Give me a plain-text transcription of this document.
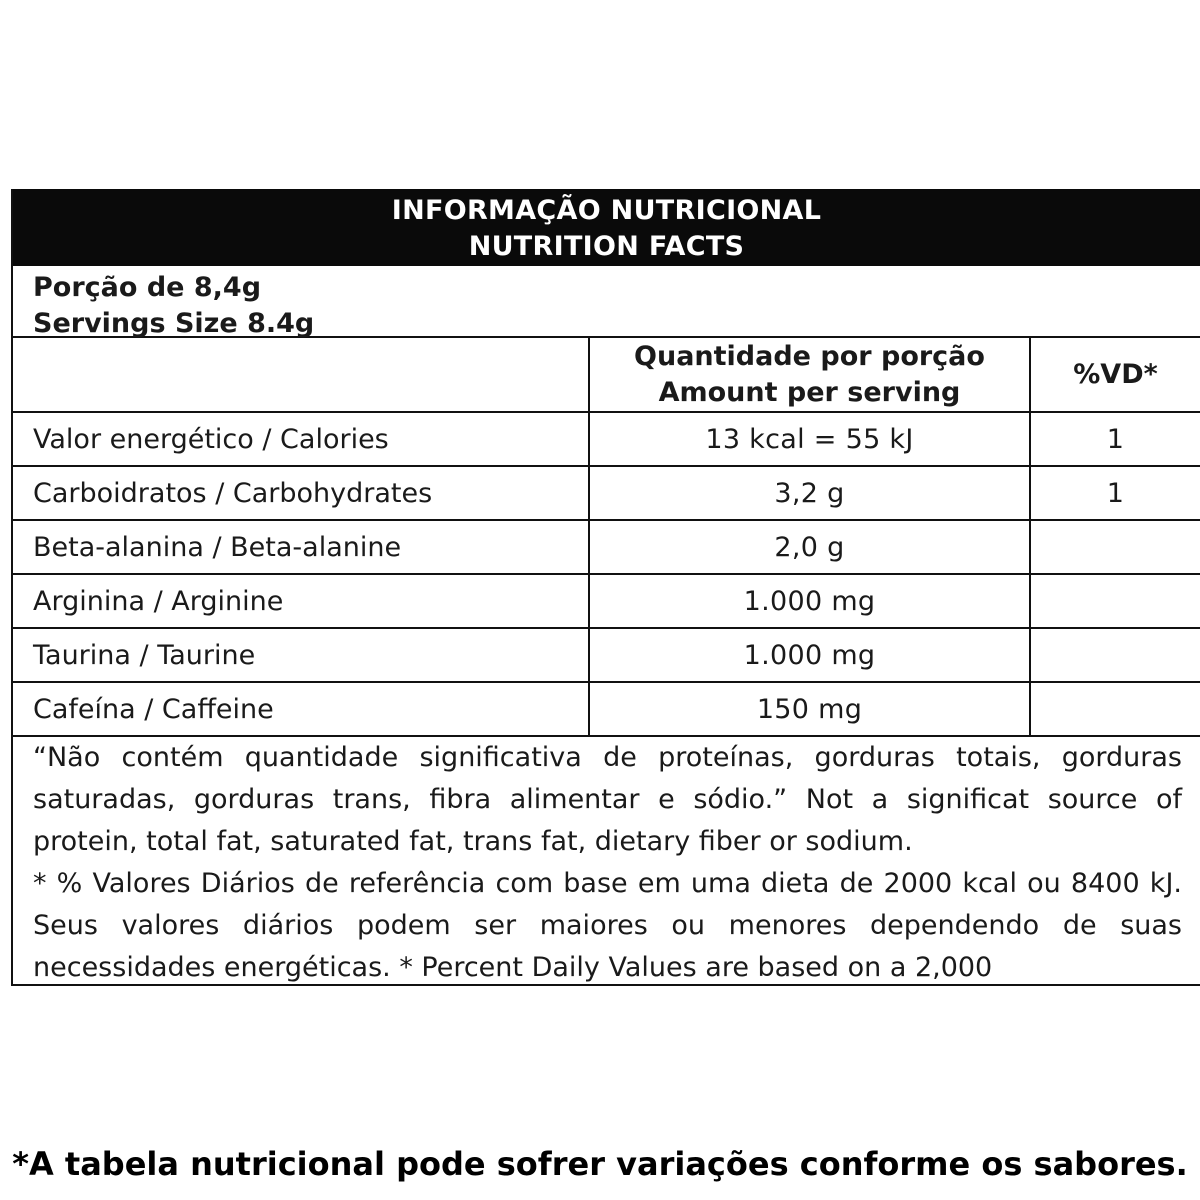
INFORMAÇÃO NUTRICIONAL
NUTRITION FACTS
Porção de 8,4g
Servings Size 8.4g

	Quantidade por porção
Amount per serving	%VD*
Valor energético / Calories	13 kcal = 55 kJ	1
Carboidratos / Carbohydrates	3,2 g	1
Beta-alanina / Beta-alanine	2,0 g	
Arginina / Arginine	1.000 mg	
Taurina / Taurine	1.000 mg	
Cafeína / Caffeine	150 mg	

“Não contém quantidade significativa de proteínas, gorduras totais, gorduras saturadas, gorduras trans, fibra alimentar e sódio.” Not a significat source of protein, total fat, saturated fat, trans fat, dietary fiber or sodium.

* % Valores Diários de referência com base em uma dieta de 2000 kcal ou 8400 kJ. Seus valores diários podem ser maiores ou menores dependendo de suas necessidades energéticas. * Percent Daily Values are based on a 2,000

*A tabela nutricional pode sofrer variações conforme os sabores.
